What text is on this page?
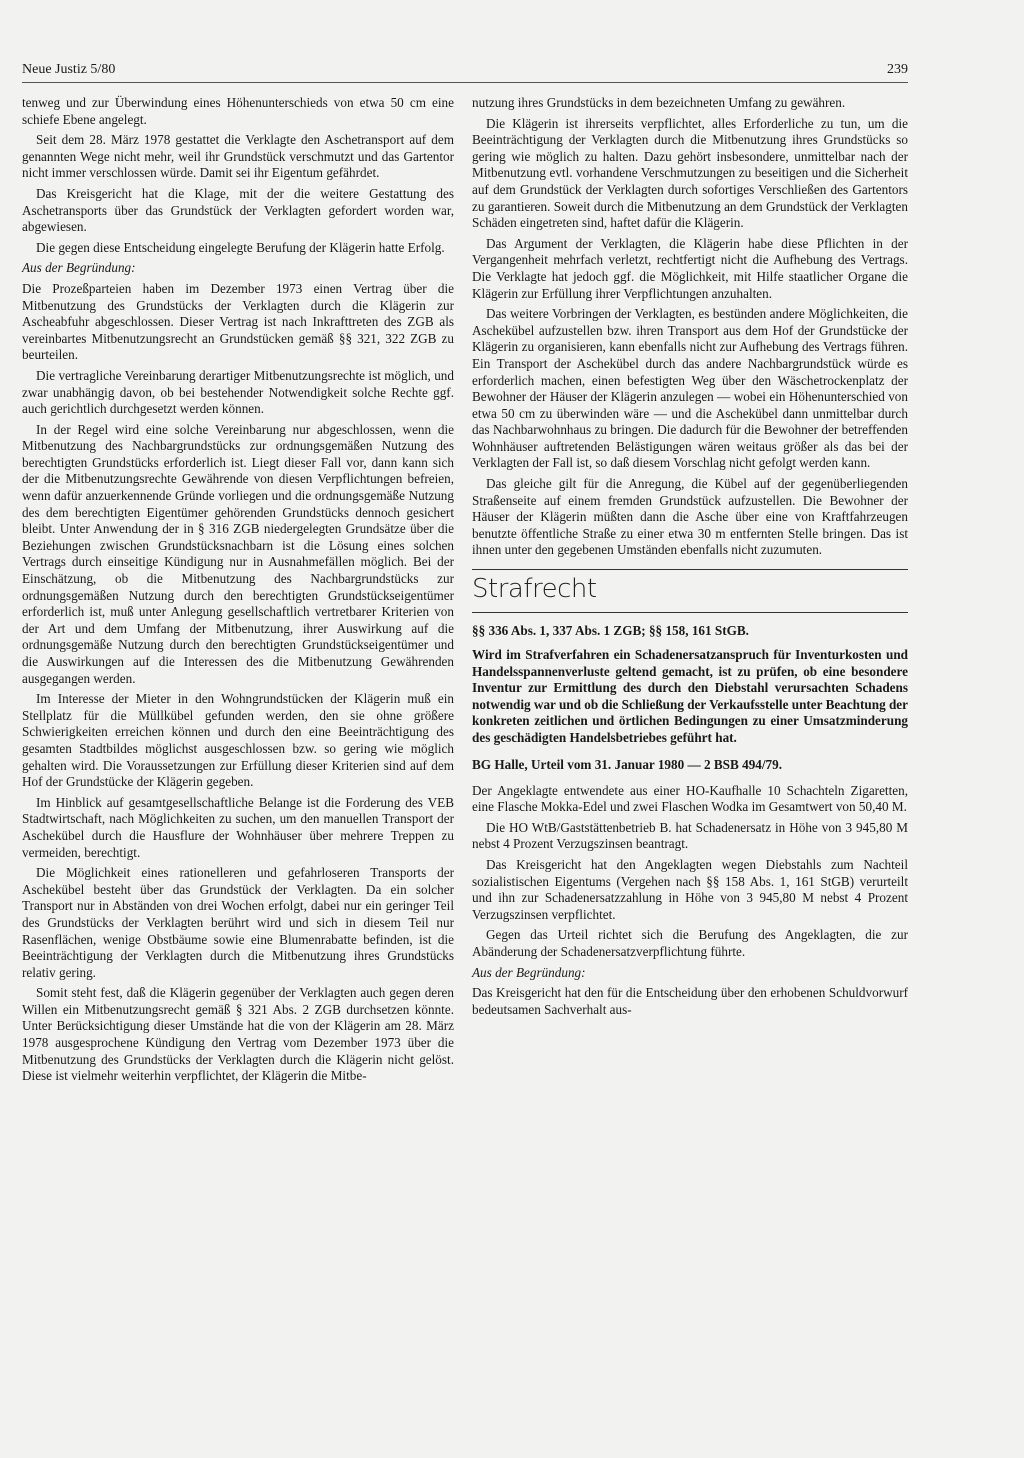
Neue Justiz 5/80	239

tenweg und zur Überwindung eines Höhenunterschieds von etwa 50 cm eine schiefe Ebene angelegt.

Seit dem 28. März 1978 gestattet die Verklagte den Aschetransport auf dem genannten Wege nicht mehr, weil ihr Grundstück verschmutzt und das Gartentor nicht immer verschlossen würde. Damit sei ihr Eigentum gefährdet.

Das Kreisgericht hat die Klage, mit der die weitere Gestattung des Aschetransports über das Grundstück der Verklagten gefordert worden war, abgewiesen.

Die gegen diese Entscheidung eingelegte Berufung der Klägerin hatte Erfolg.

Aus der Begründung:

Die Prozeßparteien haben im Dezember 1973 einen Vertrag über die Mitbenutzung des Grundstücks der Verklagten durch die Klägerin zur Ascheabfuhr abgeschlossen. Dieser Vertrag ist nach Inkrafttreten des ZGB als vereinbartes Mitbenutzungsrecht an Grundstücken gemäß §§ 321, 322 ZGB zu beurteilen.

Die vertragliche Vereinbarung derartiger Mitbenutzungsrechte ist möglich, und zwar unabhängig davon, ob bei bestehender Notwendigkeit solche Rechte ggf. auch gerichtlich durchgesetzt werden können.

In der Regel wird eine solche Vereinbarung nur abgeschlossen, wenn die Mitbenutzung des Nachbargrundstücks zur ordnungsgemäßen Nutzung des berechtigten Grundstücks erforderlich ist. Liegt dieser Fall vor, dann kann sich der die Mitbenutzungsrechte Gewährende von diesen Verpflichtungen befreien, wenn dafür anzuerkennende Gründe vorliegen und die ordnungsgemäße Nutzung des dem berechtigten Eigentümer gehörenden Grundstücks dennoch gesichert bleibt. Unter Anwendung der in § 316 ZGB niedergelegten Grundsätze über die Beziehungen zwischen Grundstücksnachbarn ist die Lösung eines solchen Vertrags durch einseitige Kündigung nur in Ausnahmefällen möglich. Bei der Einschätzung, ob die Mitbenutzung des Nachbargrundstücks zur ordnungsgemäßen Nutzung durch den berechtigten Grundstückseigentümer erforderlich ist, muß unter Anlegung gesellschaftlich vertretbarer Kriterien von der Art und dem Umfang der Mitbenutzung, ihrer Auswirkung auf die ordnungsgemäße Nutzung durch den berechtigten Grundstückseigentümer und die Auswirkungen auf die Interessen des die Mitbenutzung Gewährenden ausgegangen werden.

Im Interesse der Mieter in den Wohngrundstücken der Klägerin muß ein Stellplatz für die Müllkübel gefunden werden, den sie ohne größere Schwierigkeiten erreichen können und durch den eine Beeinträchtigung des gesamten Stadtbildes möglichst ausgeschlossen bzw. so gering wie möglich gehalten wird. Die Voraussetzungen zur Erfüllung dieser Kriterien sind auf dem Hof der Grundstücke der Klägerin gegeben.

Im Hinblick auf gesamtgesellschaftliche Belange ist die Forderung des VEB Stadtwirtschaft, nach Möglichkeiten zu suchen, um den manuellen Transport der Aschekübel durch die Hausflure der Wohnhäuser über mehrere Treppen zu vermeiden, berechtigt.

Die Möglichkeit eines rationelleren und gefahrloseren Transports der Aschekübel besteht über das Grundstück der Verklagten. Da ein solcher Transport nur in Abständen von drei Wochen erfolgt, dabei nur ein geringer Teil des Grundstücks der Verklagten berührt wird und sich in diesem Teil nur Rasenflächen, wenige Obstbäume sowie eine Blumenrabatte befinden, ist die Beeinträchtigung der Verklagten durch die Mitbenutzung ihres Grundstücks relativ gering.

Somit steht fest, daß die Klägerin gegenüber der Verklagten auch gegen deren Willen ein Mitbenutzungsrecht gemäß § 321 Abs. 2 ZGB durchsetzen könnte. Unter Berücksichtigung dieser Umstände hat die von der Klägerin am 28. März 1978 ausgesprochene Kündigung den Vertrag vom Dezember 1973 über die Mitbenutzung des Grundstücks der Verklagten durch die Klägerin nicht gelöst. Diese ist vielmehr weiterhin verpflichtet, der Klägerin die Mitbe-

nutzung ihres Grundstücks in dem bezeichneten Umfang zu gewähren.

Die Klägerin ist ihrerseits verpflichtet, alles Erforderliche zu tun, um die Beeinträchtigung der Verklagten durch die Mitbenutzung ihres Grundstücks so gering wie möglich zu halten. Dazu gehört insbesondere, unmittelbar nach der Mitbenutzung evtl. vorhandene Verschmutzungen zu beseitigen und die Sicherheit auf dem Grundstück der Verklagten durch sofortiges Verschließen des Gartentors zu garantieren. Soweit durch die Mitbenutzung an dem Grundstück der Verklagten Schäden eingetreten sind, haftet dafür die Klägerin.

Das Argument der Verklagten, die Klägerin habe diese Pflichten in der Vergangenheit mehrfach verletzt, rechtfertigt nicht die Aufhebung des Vertrags. Die Verklagte hat jedoch ggf. die Möglichkeit, mit Hilfe staatlicher Organe die Klägerin zur Erfüllung ihrer Verpflichtungen anzuhalten.

Das weitere Vorbringen der Verklagten, es bestünden andere Möglichkeiten, die Aschekübel aufzustellen bzw. ihren Transport aus dem Hof der Grundstücke der Klägerin zu organisieren, kann ebenfalls nicht zur Aufhebung des Vertrags führen. Ein Transport der Aschekübel durch das andere Nachbargrundstück würde es erforderlich machen, einen befestigten Weg über den Wäschetrockenplatz der Bewohner der Häuser der Klägerin anzulegen — wobei ein Höhenunterschied von etwa 50 cm zu überwinden wäre — und die Aschekübel dann unmittelbar durch das Nachbarwohnhaus zu bringen. Die dadurch für die Bewohner der betreffenden Wohnhäuser auftretenden Belästigungen wären weitaus größer als das bei der Verklagten der Fall ist, so daß diesem Vorschlag nicht gefolgt werden kann.

Das gleiche gilt für die Anregung, die Kübel auf der gegenüberliegenden Straßenseite auf einem fremden Grundstück aufzustellen. Die Bewohner der Häuser der Klägerin müßten dann die Asche über eine von Kraftfahrzeugen benutzte öffentliche Straße zu einer etwa 30 m entfernten Stelle bringen. Das ist ihnen unter den gegebenen Umständen ebenfalls nicht zuzumuten.

Strafrecht
§§ 336 Abs. 1, 337 Abs. 1 ZGB; §§ 158, 161 StGB.
Wird im Strafverfahren ein Schadenersatzanspruch für Inventurkosten und Handelsspannenverluste geltend gemacht, ist zu prüfen, ob eine besondere Inventur zur Ermittlung des durch den Diebstahl verursachten Schadens notwendig war und ob die Schließung der Verkaufsstelle unter Beachtung der konkreten zeitlichen und örtlichen Bedingungen zu einer Umsatzminderung des geschädigten Handelsbetriebes geführt hat.
BG Halle, Urteil vom 31. Januar 1980 — 2 BSB 494/79.

Der Angeklagte entwendete aus einer HO-Kaufhalle 10 Schachteln Zigaretten, eine Flasche Mokka-Edel und zwei Flaschen Wodka im Gesamtwert von 50,40 M.

Die HO WtB/Gaststättenbetrieb B. hat Schadenersatz in Höhe von 3 945,80 M nebst 4 Prozent Verzugszinsen beantragt.

Das Kreisgericht hat den Angeklagten wegen Diebstahls zum Nachteil sozialistischen Eigentums (Vergehen nach §§ 158 Abs. 1, 161 StGB) verurteilt und ihn zur Schadenersatzzahlung in Höhe von 3 945,80 M nebst 4 Prozent Verzugszinsen verpflichtet.

Gegen das Urteil richtet sich die Berufung des Angeklagten, die zur Abänderung der Schadenersatzverpflichtung führte.

Aus der Begründung:

Das Kreisgericht hat den für die Entscheidung über den erhobenen Schuldvorwurf bedeutsamen Sachverhalt aus-
